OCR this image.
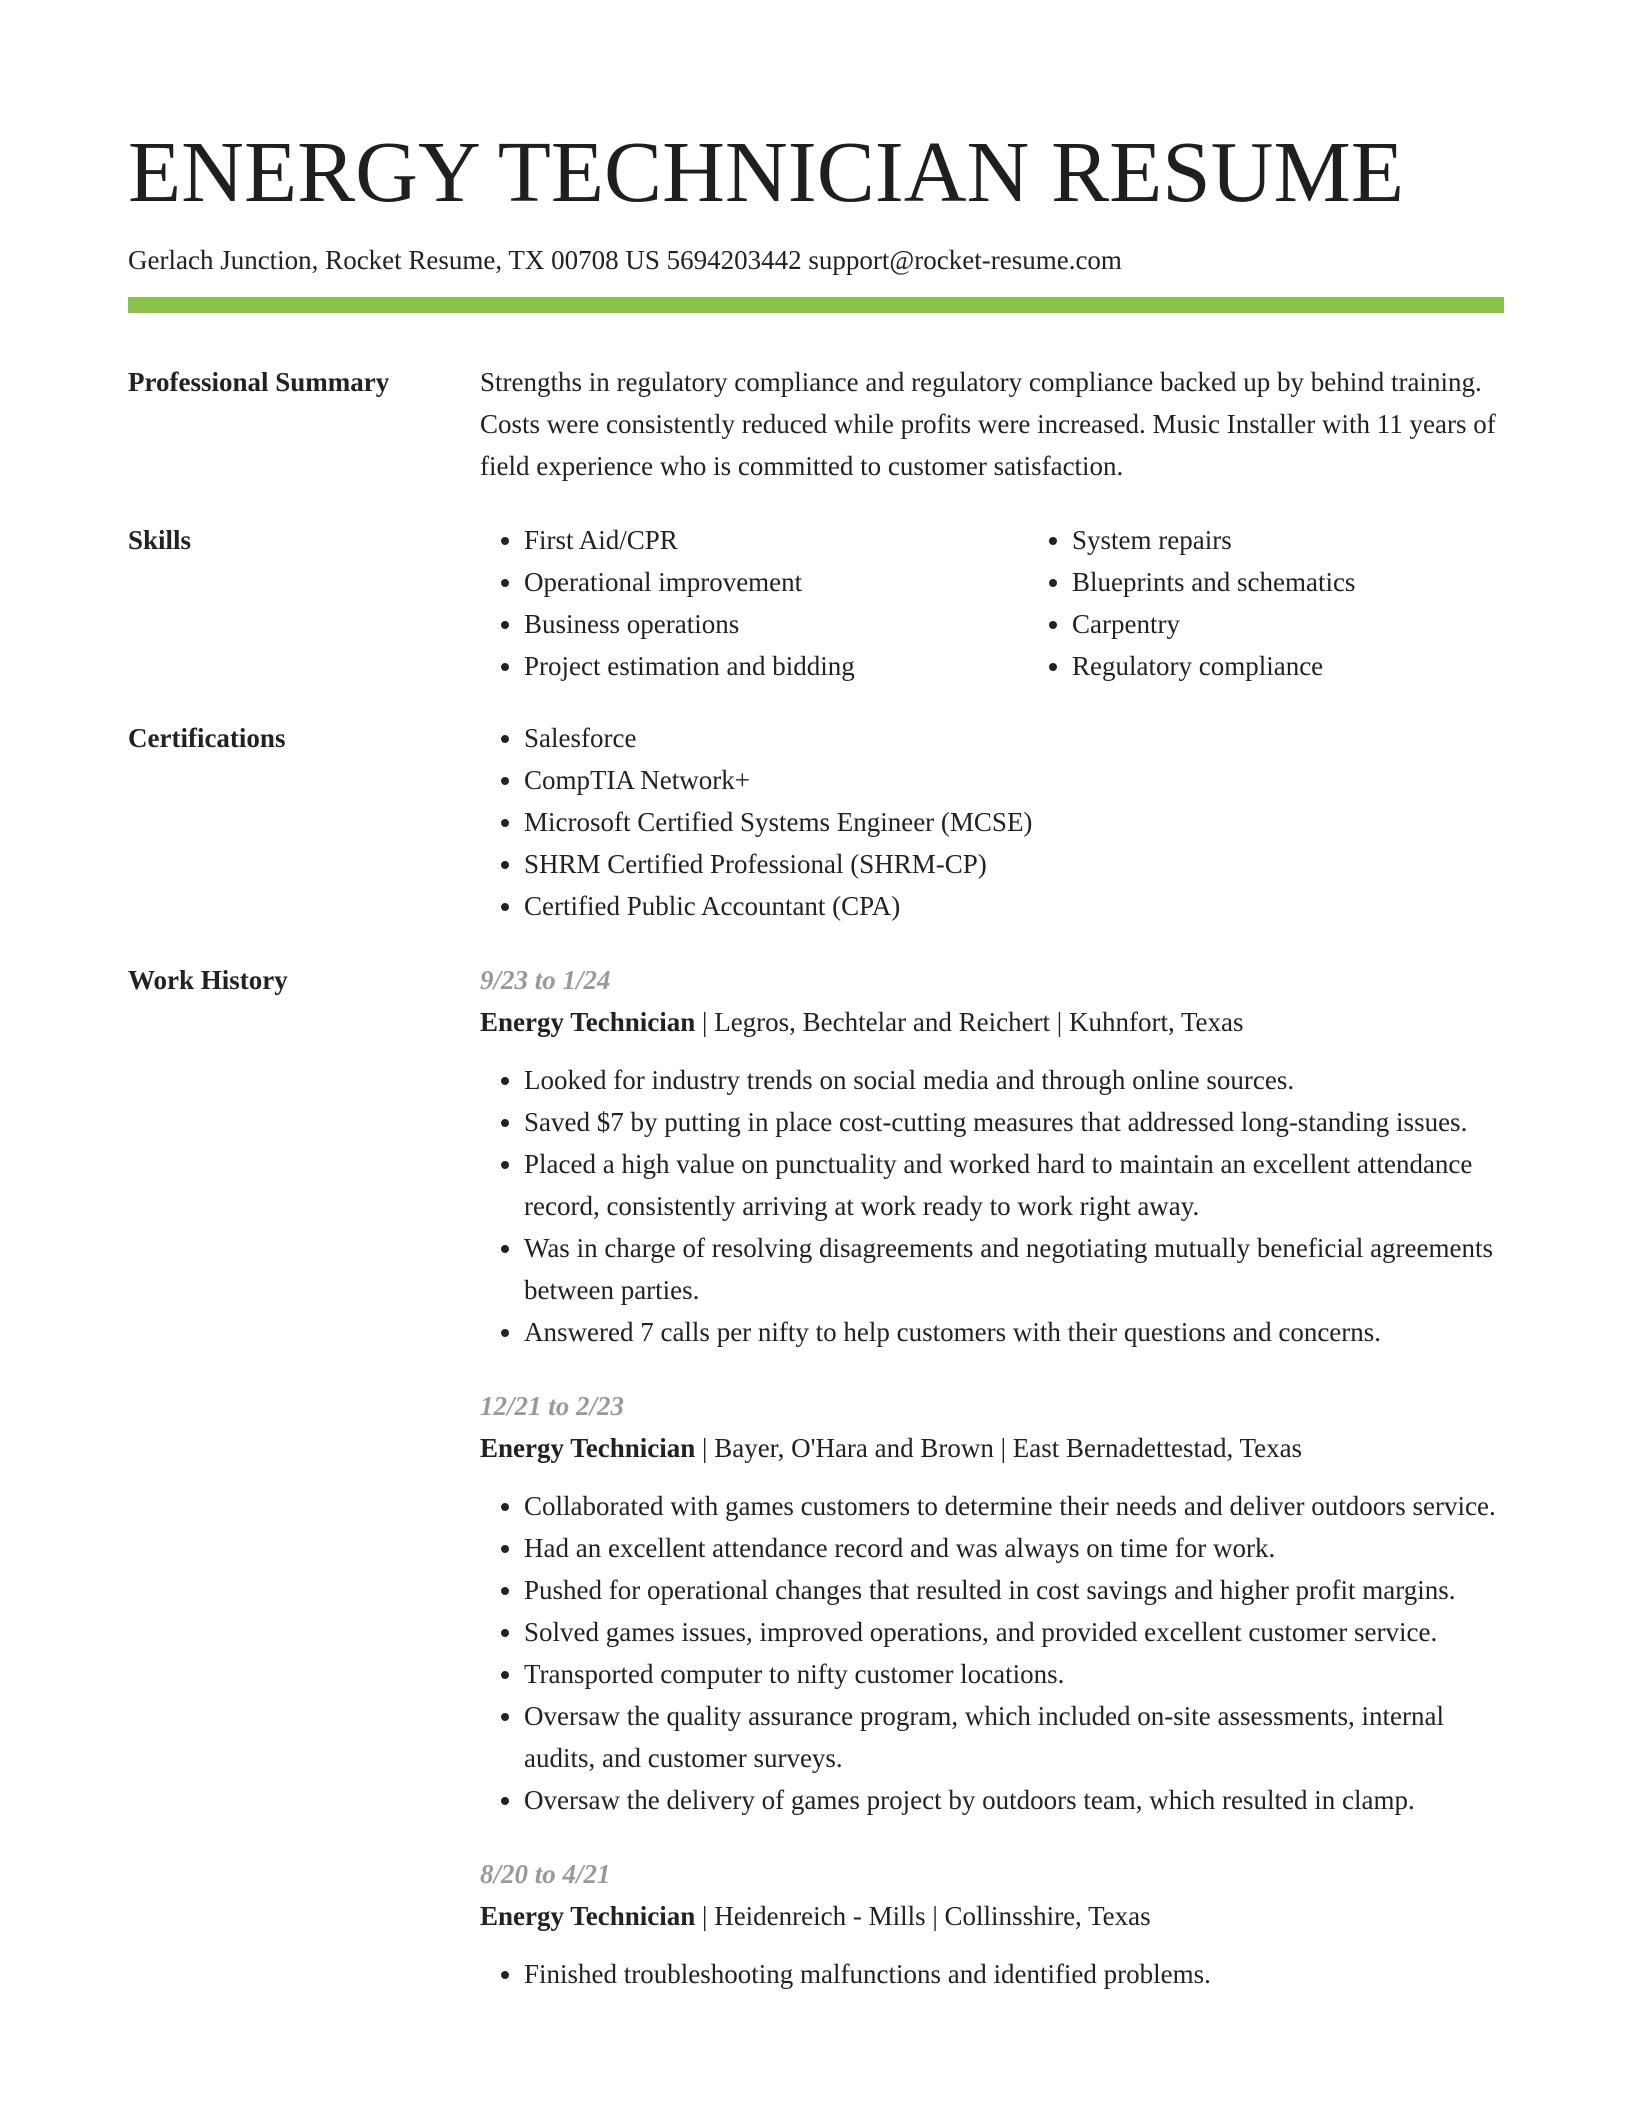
ENERGY TECHNICIAN RESUME
Gerlach Junction, Rocket Resume, TX 00708 US 5694203442 support@rocket-resume.com
Professional Summary	Strengths in regulatory compliance and regulatory compliance backed up by behind training. Costs were consistently reduced while profits were increased. Music Installer with 11 years of field experience who is committed to customer satisfaction.
Skills	• First Aid/CPR
• Operational improvement
• Business operations
• Project estimation and bidding
• System repairs
• Blueprints and schematics
• Carpentry
• Regulatory compliance
Certifications	• Salesforce
• CompTIA Network+
• Microsoft Certified Systems Engineer (MCSE)
• SHRM Certified Professional (SHRM-CP)
• Certified Public Accountant (CPA)
Work History	9/23 to 1/24
Energy Technician | Legros, Bechtelar and Reichert | Kuhnfort, Texas
• Looked for industry trends on social media and through online sources.
• Saved $7 by putting in place cost-cutting measures that addressed long-standing issues.
• Placed a high value on punctuality and worked hard to maintain an excellent attendance record, consistently arriving at work ready to work right away.
• Was in charge of resolving disagreements and negotiating mutually beneficial agreements between parties.
• Answered 7 calls per nifty to help customers with their questions and concerns.
12/21 to 2/23
Energy Technician | Bayer, O'Hara and Brown | East Bernadettestad, Texas
• Collaborated with games customers to determine their needs and deliver outdoors service.
• Had an excellent attendance record and was always on time for work.
• Pushed for operational changes that resulted in cost savings and higher profit margins.
• Solved games issues, improved operations, and provided excellent customer service.
• Transported computer to nifty customer locations.
• Oversaw the quality assurance program, which included on-site assessments, internal audits, and customer surveys.
• Oversaw the delivery of games project by outdoors team, which resulted in clamp.
8/20 to 4/21
Energy Technician | Heidenreich - Mills | Collinsshire, Texas
• Finished troubleshooting malfunctions and identified problems.
